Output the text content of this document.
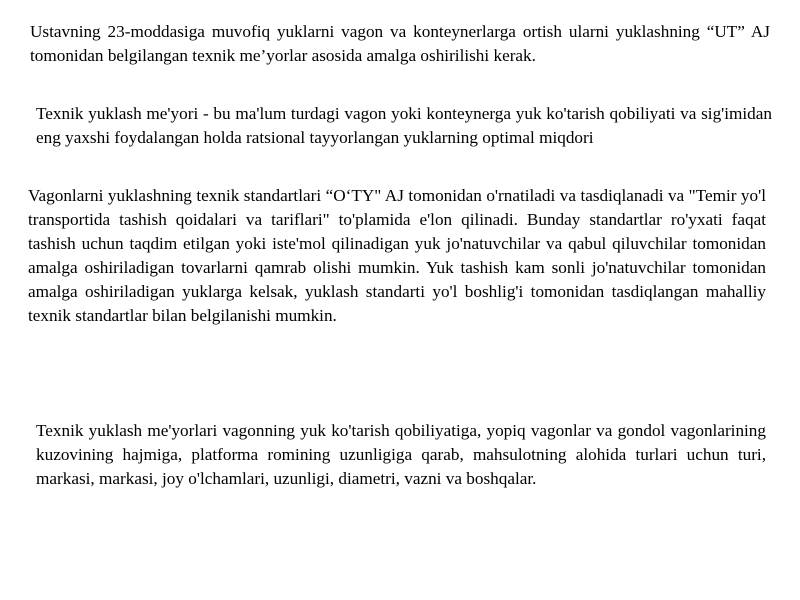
Ustavning 23-moddasiga muvofiq yuklarni vagon va konteynerlarga ortish ularni yuklashning “UT” AJ tomonidan belgilangan texnik me’yorlar asosida amalga oshirilishi kerak.

Texnik yuklash me'yori - bu ma'lum turdagi vagon yoki konteynerga yuk ko'tarish qobiliyati va sig'imidan eng yaxshi foydalangan holda ratsional tayyorlangan yuklarning optimal miqdori

Vagonlarni yuklashning texnik standartlari “O‘TY" AJ tomonidan o'rnatiladi va tasdiqlanadi va "Temir yo'l transportida tashish qoidalari va tariflari" to'plamida e'lon qilinadi. Bunday standartlar ro'yxati faqat tashish uchun taqdim etilgan yoki iste'mol qilinadigan yuk jo'natuvchilar va qabul qiluvchilar tomonidan amalga oshiriladigan tovarlarni qamrab olishi mumkin. Yuk tashish kam sonli jo'natuvchilar tomonidan amalga oshiriladigan yuklarga kelsak, yuklash standarti yo'l boshlig'i tomonidan tasdiqlangan mahalliy texnik standartlar bilan belgilanishi mumkin.

Texnik yuklash me'yorlari vagonning yuk ko'tarish qobiliyatiga, yopiq vagonlar va gondol vagonlarining kuzovining hajmiga, platforma romining uzunligiga qarab, mahsulotning alohida turlari uchun turi, markasi, markasi, joy o'lchamlari, uzunligi, diametri, vazni va boshqalar.
